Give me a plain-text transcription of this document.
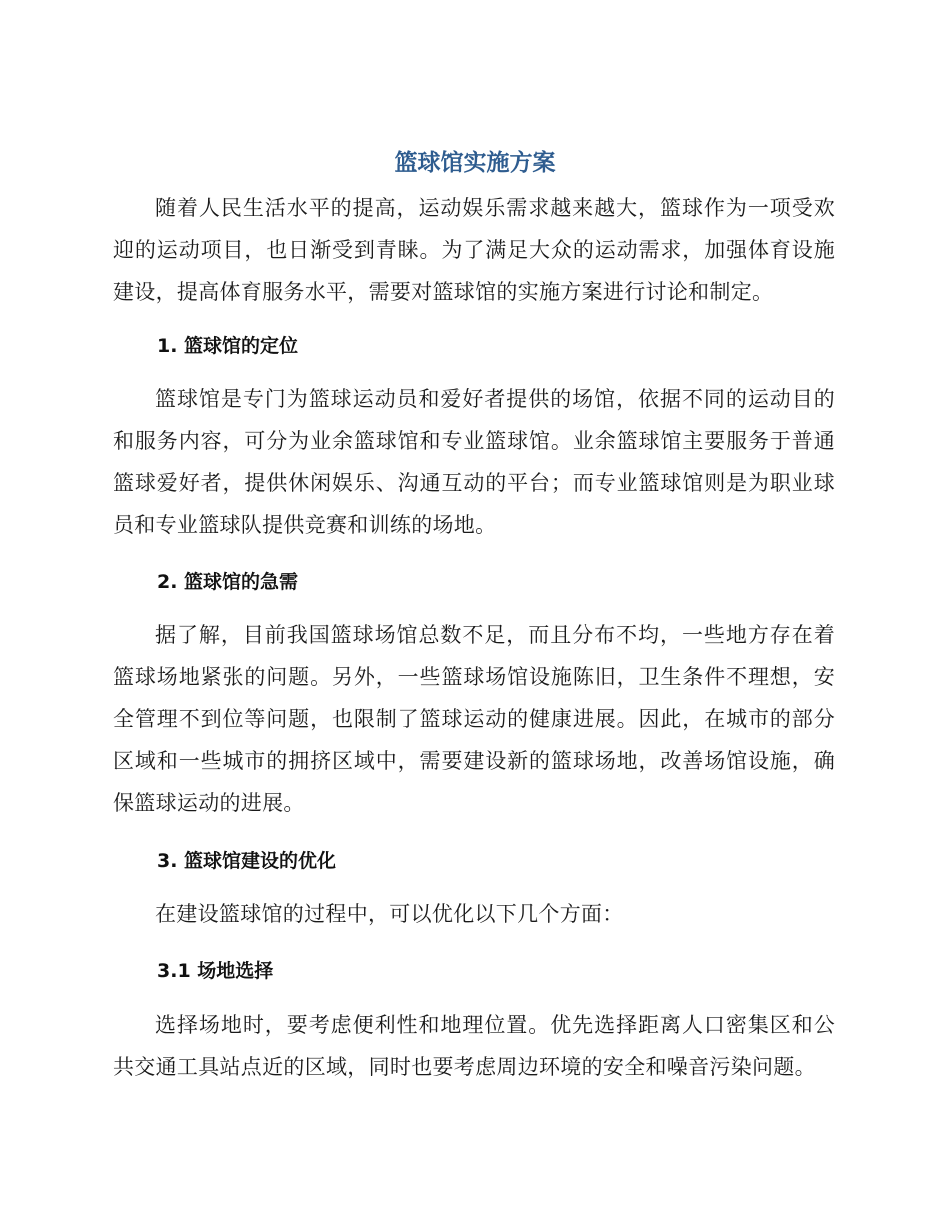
篮球馆实施方案

随着人民生活水平的提高，运动娱乐需求越来越大，篮球作为一项受欢迎的运动项目，也日渐受到青睐。为了满足大众的运动需求，加强体育设施建设，提高体育服务水平，需要对篮球馆的实施方案进行讨论和制定。

1. 篮球馆的定位

篮球馆是专门为篮球运动员和爱好者提供的场馆，依据不同的运动目的和服务内容，可分为业余篮球馆和专业篮球馆。业余篮球馆主要服务于普通篮球爱好者，提供休闲娱乐、沟通互动的平台；而专业篮球馆则是为职业球员和专业篮球队提供竞赛和训练的场地。

2. 篮球馆的急需

据了解，目前我国篮球场馆总数不足，而且分布不均，一些地方存在着篮球场地紧张的问题。另外，一些篮球场馆设施陈旧，卫生条件不理想，安全管理不到位等问题，也限制了篮球运动的健康进展。因此，在城市的部分区域和一些城市的拥挤区域中，需要建设新的篮球场地，改善场馆设施，确保篮球运动的进展。

3. 篮球馆建设的优化

在建设篮球馆的过程中，可以优化以下几个方面：

3.1 场地选择

选择场地时，要考虑便利性和地理位置。优先选择距离人口密集区和公共交通工具站点近的区域，同时也要考虑周边环境的安全和噪音污染问题。
